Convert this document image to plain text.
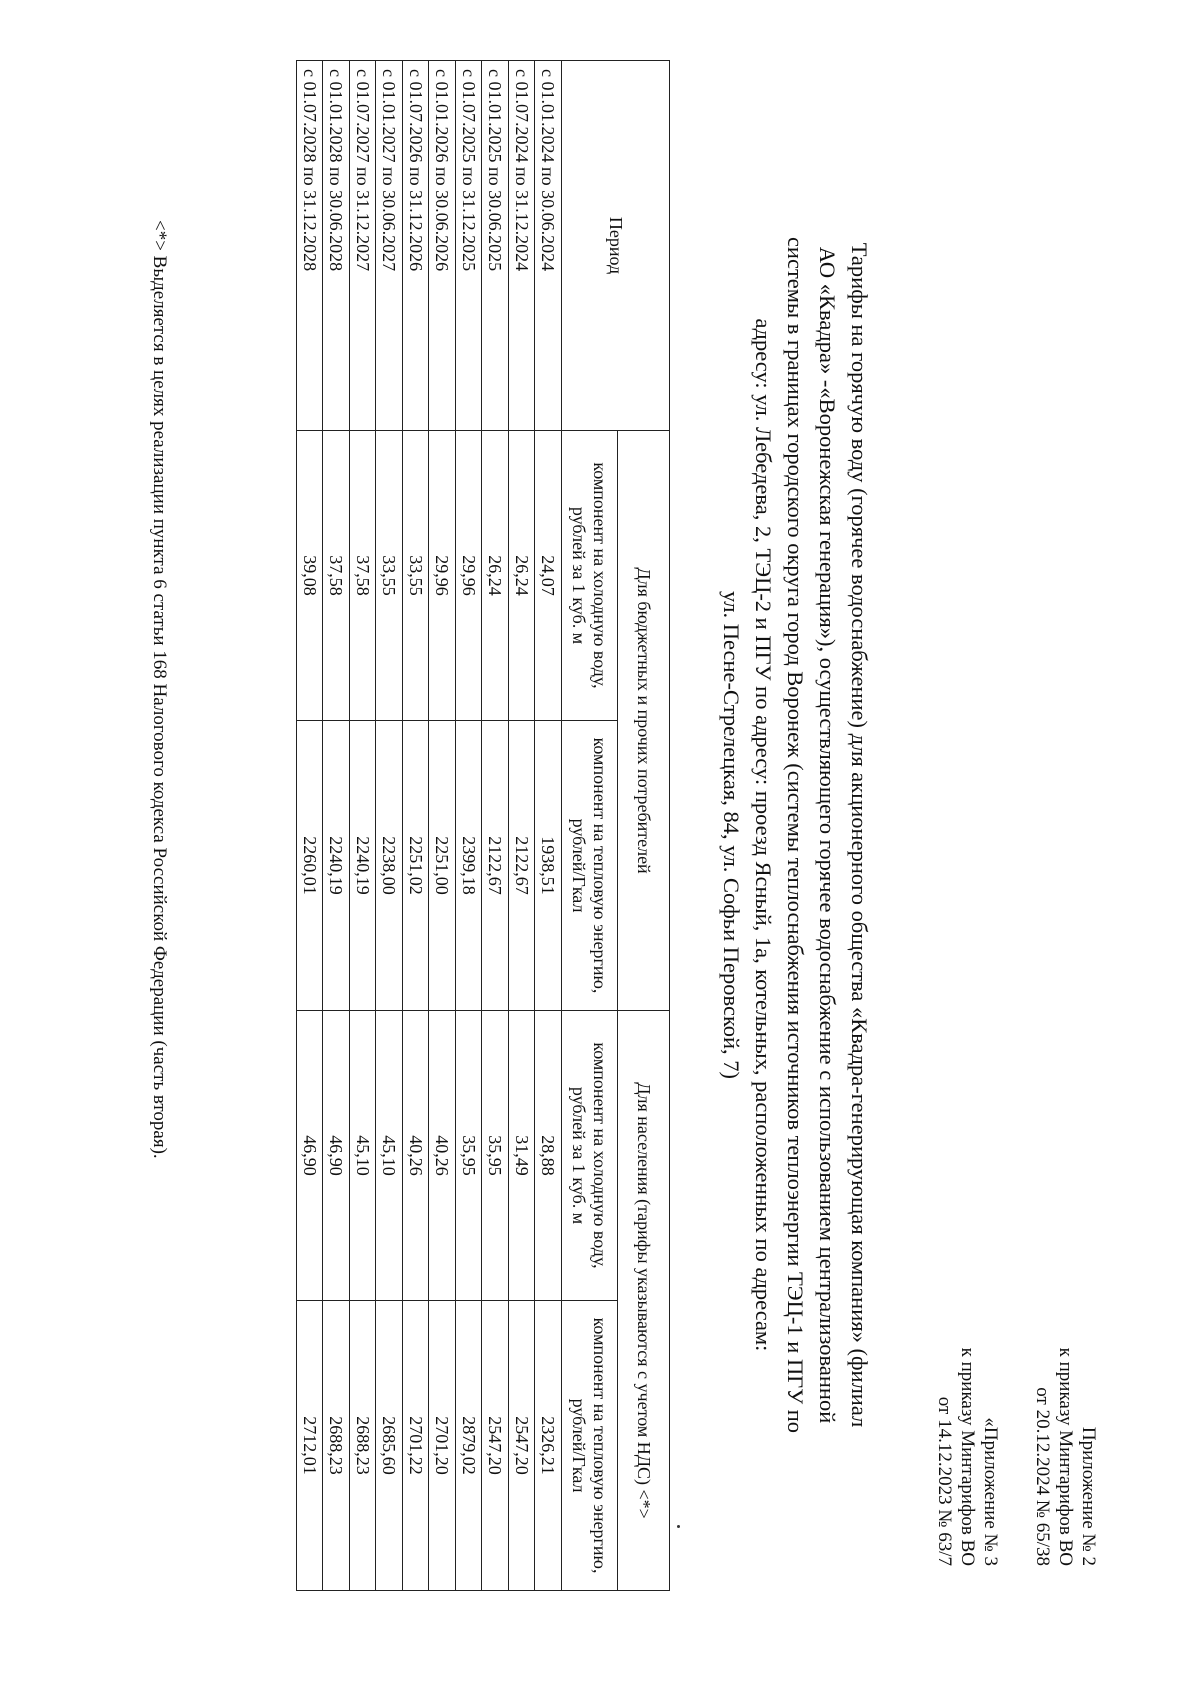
Приложение № 2
к приказу Минтарифов ВО
от 20.12.2024 № 65/38
«Приложение № 3
к приказу Минтарифов ВО
от 14.12.2023 № 63/7
Тарифы на горячую воду (горячее водоснабжение) для акционерного общества «Квадра-генерирующая компания» (филиал
АО «Квадра» -«Воронежская генерация»), осуществляющего горячее водоснабжение с использованием централизованной
системы в границах городского округа город Воронеж (системы теплоснабжения источников теплоэнергии ТЭЦ-1 и ПГУ по
адресу: ул. Лебедева, 2, ТЭЦ-2 и ПГУ по адресу: проезд Ясный, 1а, котельных, расположенных по адресам:
ул. Песне-Стрелецкая, 84, ул. Софьи Перовской, 7)
Период	Для бюджетных и прочих потребителей		Для населения (тарифы указываются с учетом НДС) <*>	
	компонент на холодную воду, рублей за 1 куб. м	компонент на тепловую энергию, рублей/Гкал	компонент на холодную воду, рублей за 1 куб. м	компонент на тепловую энергию, рублей/Гкал
с 01.01.2024 по 30.06.2024	24,07	1938,51	28,88	2326,21
с 01.07.2024 по 31.12.2024	26,24	2122,67	31,49	2547,20
с 01.01.2025 по 30.06.2025	26,24	2122,67	35,95	2547,20
с 01.07.2025 по 31.12.2025	29,96	2399,18	35,95	2879,02
с 01.01.2026 по 30.06.2026	29,96	2251,00	40,26	2701,20
с 01.07.2026 по 31.12.2026	33,55	2251,02	40,26	2701,22
с 01.01.2027 по 30.06.2027	33,55	2238,00	45,10	2685,60
с 01.07.2027 по 31.12.2027	37,58	2240,19	45,10	2688,23
с 01.01.2028 по 30.06.2028	37,58	2240,19	46,90	2688,23
с 01.07.2028 по 31.12.2028	39,08	2260,01	46,90	2712,01
<*> Выделяется в целях реализации пункта 6 статьи 168 Налогового кодекса Российской Федерации (часть вторая).
